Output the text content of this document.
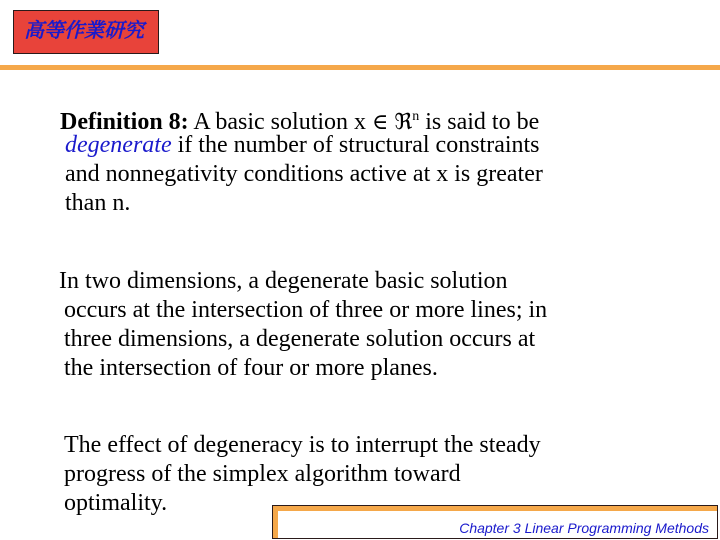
高等作業研究
Definition 8: A basic solution x ∈ ℜ$^n$ is said to be
degenerate if the number of structural constraints
and nonnegativity conditions active at x is greater
than n.
In two dimensions, a degenerate basic solution
occurs at the intersection of three or more lines; in
three dimensions, a degenerate solution occurs at
the intersection of four or more planes.
The effect of degeneracy is to interrupt the steady
progress of the simplex algorithm toward
optimality.
Chapter 3 Linear Programming Methods
